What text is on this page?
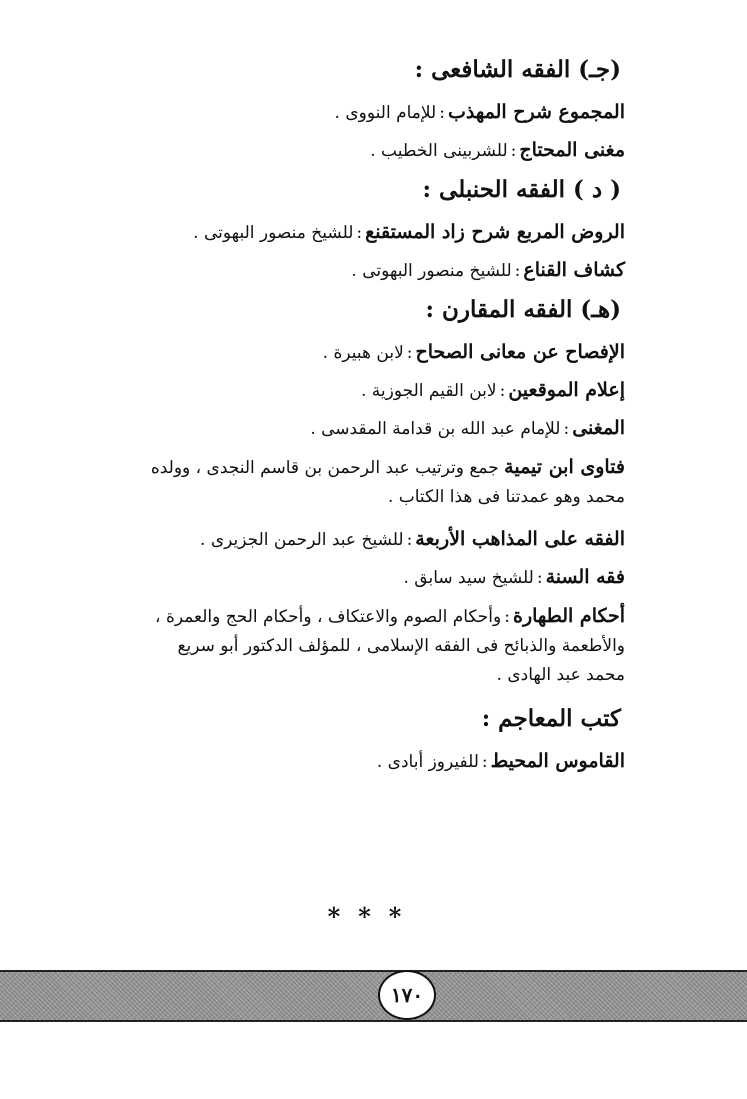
(جـ) الفقه الشافعى :
المجموع شرح المهذب:للإمام النووى .
مغنى المحتاج:للشربينى الخطيب .
( د ) الفقه الحنبلى :
الروض المربع شرح زاد المستقنع:للشيخ منصور البهوتى .
كشاف القناع:للشيخ منصور البهوتى .
(هـ) الفقه المقارن :
الإفصاح عن معانى الصحاح:لابن هبيرة .
إعلام الموقعين:لابن القيم الجوزية .
المغنى:للإمام عبد الله بن قدامة المقدسى .
فتاوى ابن تيمية جمع وترتيب عبد الرحمن بن قاسم النجدى ، وولده محمد وهو عمدتنا فى هذا الكتاب .
الفقه على المذاهب الأربعة:للشيخ عبد الرحمن الجزيرى .
فقه السنة:للشيخ سيد سابق .
أحكام الطهارة:وأحكام الصوم والاعتكاف ، وأحكام الحج والعمرة ، والأطعمة والذبائح فى الفقه الإسلامى ، للمؤلف الدكتور أبو سريع محمد عبد الهادى .
كتب المعاجم :
القاموس المحيط:للفيروز أبادى .
***
١٧٠
